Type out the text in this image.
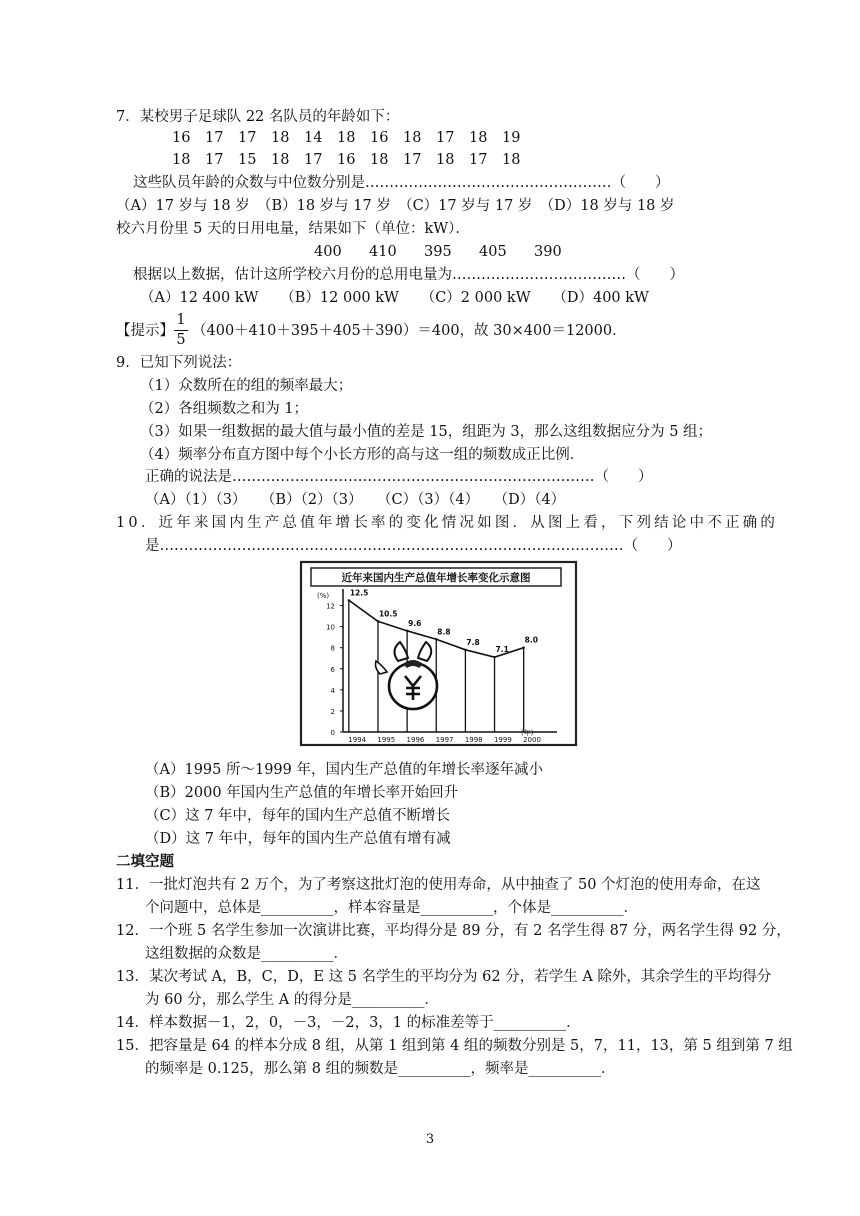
7．某校男子足球队 22 名队员的年龄如下：
16 17 17 18 14 18 16 18 17 18 19
18 17 15 18 17 16 18 17 18 17 18
这些队员年龄的众数与中位数分别是……………………………………………（　　）
（A）17 岁与 18 岁　（B）18 岁与 17 岁　（C）17 岁与 17 岁　（D）18 岁与 18 岁
校六月份里 5 天的日用电量，结果如下（单位：kW）．
400 410 395 405 390
根据以上数据，估计这所学校六月份的总用电量为………………………………（　　）
（A）12 400 kW　　（B）12 000 kW　　（C）2 000 kW　　（D）400 kW
【提示】
1
5
（400＋410＋395＋405＋390）＝400，故 30×400＝12000．
9．已知下列说法：
（1）众数所在的组的频率最大；
（2）各组频数之和为 1；
（3）如果一组数据的最大值与最小值的差是 15，组距为 3，那么这组数据应分为 5 组；
（4）频率分布直方图中每个小长方形的高与这一组的频数成正比例．
正确的说法是…………………………………………………………………（　　）
（A）（1）（3）　　（B）（2）（3）　　（C）（3）（4）　　（D）（4）
10．近年来国内生产总值年增长率的变化情况如图．从图上看，下列结论中不正确的
是……………………………………………………………………………………（　　）
近年来国内生产总值年增长率变化示意图
(%)
(年)
0
2
4
6
8
10
12
1994 1995 1996 1997 1998 1999 2000
12.5
10.5
9.6
8.8
7.8
7.1
8.0
（A）1995 所～1999 年，国内生产总值的年增长率逐年减小
（B）2000 年国内生产总值的年增长率开始回升
（C）这 7 年中，每年的国内生产总值不断增长
（D）这 7 年中，每年的国内生产总值有增有减
二填空题
11．一批灯泡共有 2 万个，为了考察这批灯泡的使用寿命，从中抽查了 50 个灯泡的使用寿命，在这
个问题中，总体是__________，样本容量是__________，个体是__________．
12．一个班 5 名学生参加一次演讲比赛，平均得分是 89 分，有 2 名学生得 87 分，两名学生得 92 分，
这组数据的众数是__________．
13．某次考试 A，B，C，D，E 这 5 名学生的平均分为 62 分，若学生 A 除外，其余学生的平均得分
为 60 分，那么学生 A 的得分是__________．
14．样本数据－1，2，0，－3，－2，3，1 的标准差等于__________．
15．把容量是 64 的样本分成 8 组，从第 1 组到第 4 组的频数分别是 5，7，11，13，第 5 组到第 7 组
的频率是 0.125，那么第 8 组的频数是__________，频率是__________．
3
